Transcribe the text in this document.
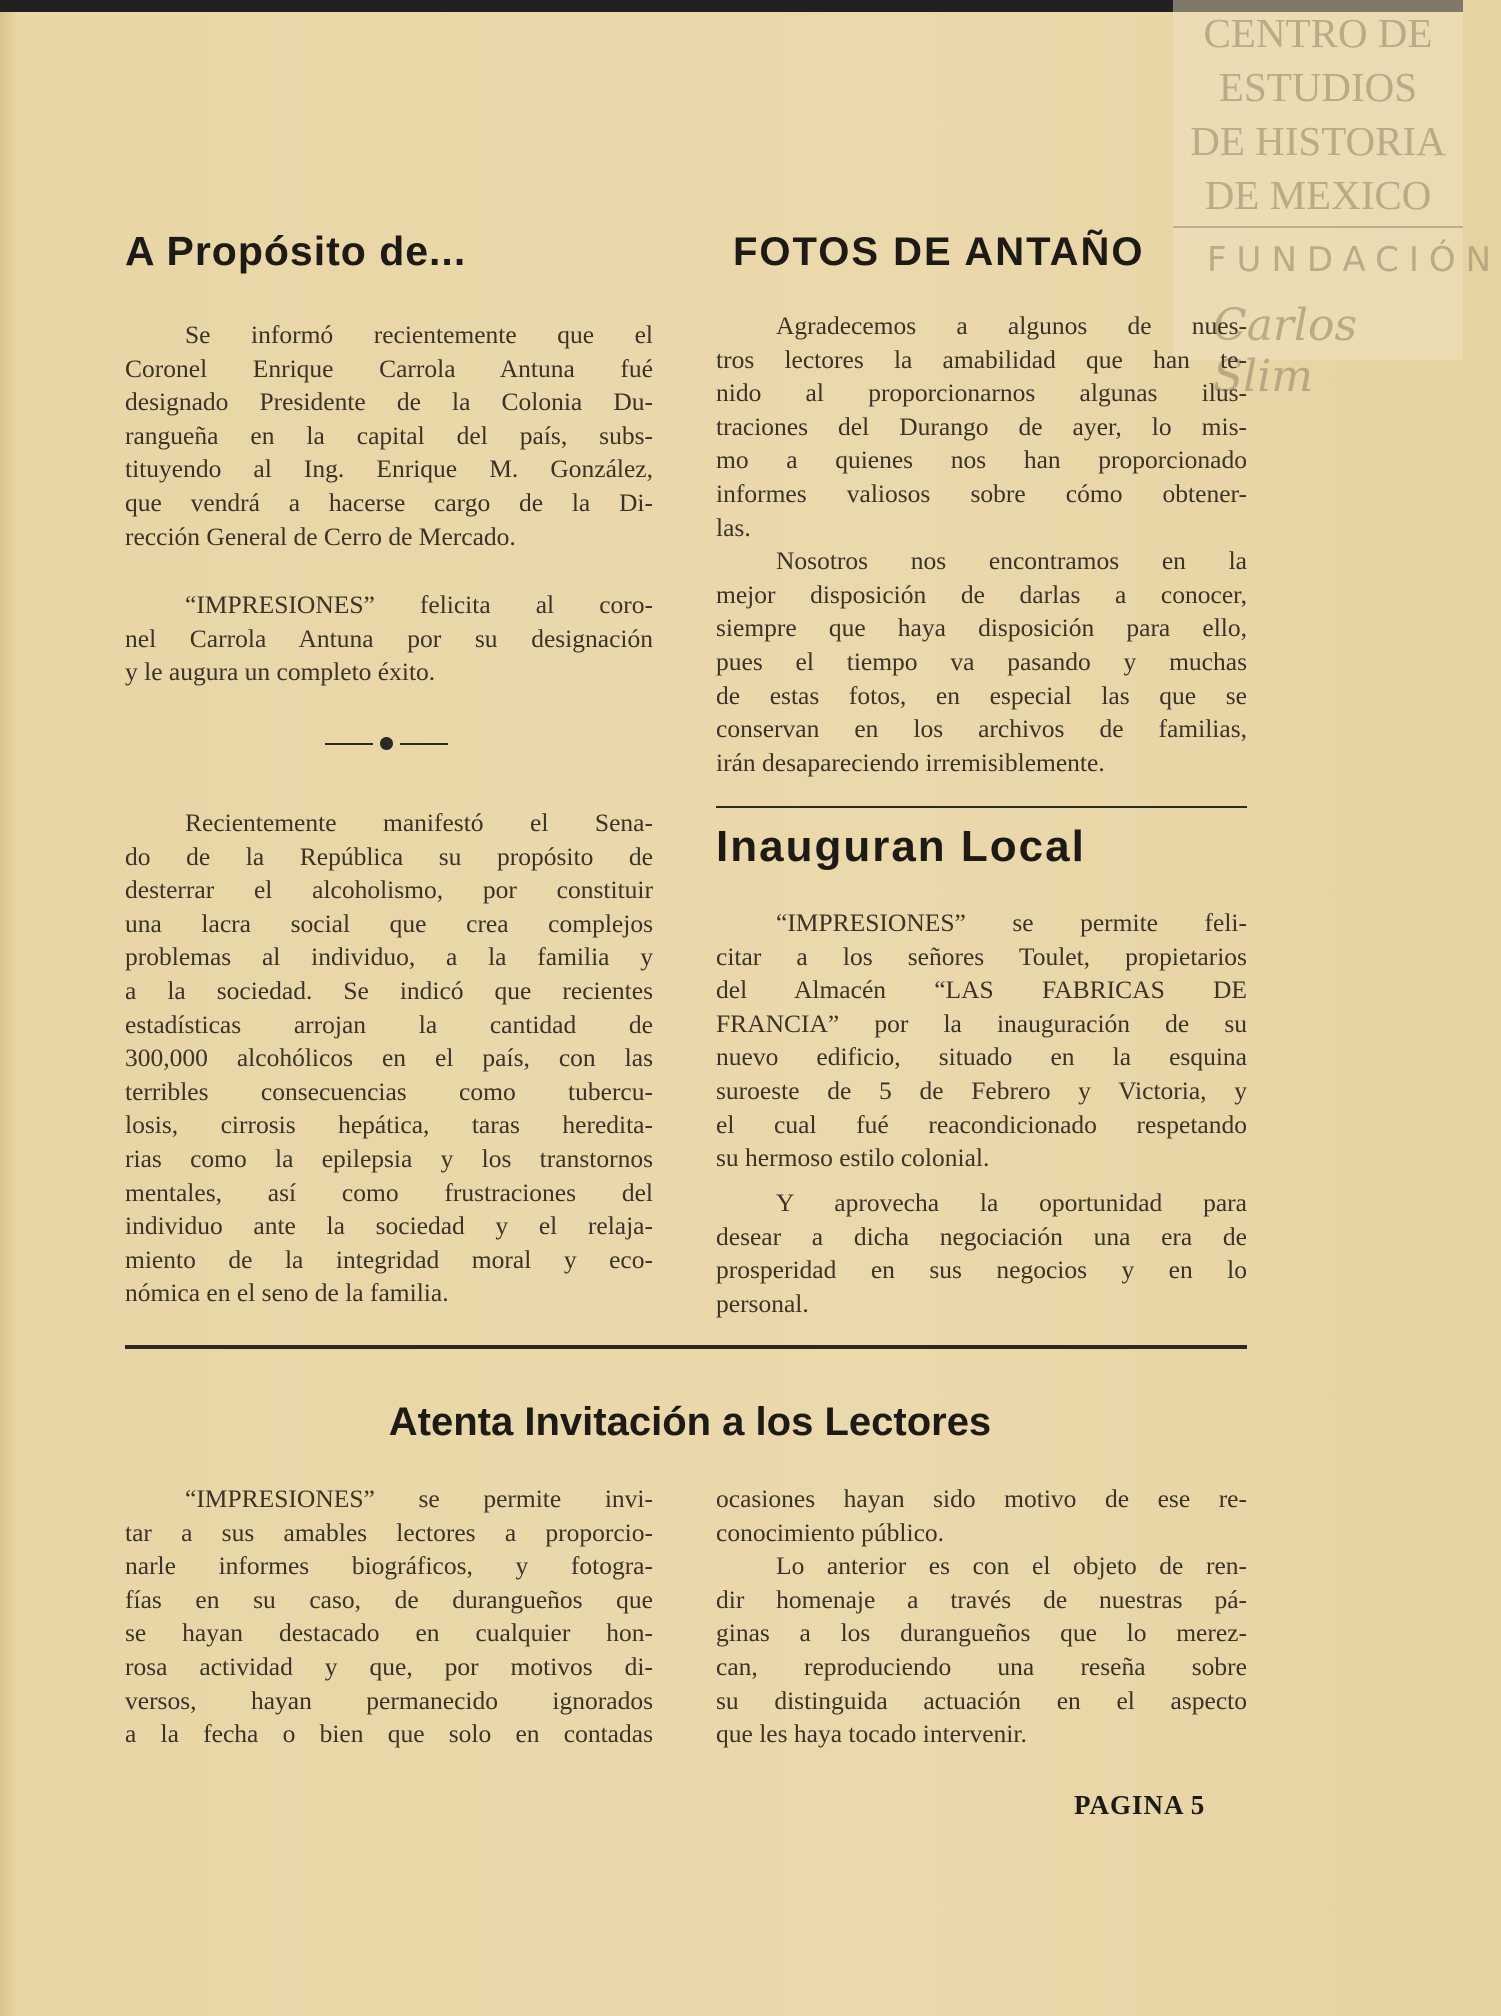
CENTRO DE
ESTUDIOS
DE HISTORIA
DE MEXICO
FUNDACIÓN
Carlos Slim
A Propósito de...	FOTOS DE ANTAÑO
Se informó recientemente que el
Coronel Enrique Carrola Antuna fué
designado Presidente de la Colonia Du-
rangueña en la capital del país, subs-
tituyendo al Ing. Enrique M. González,
que vendrá a hacerse cargo de la Di-
rección General de Cerro de Mercado.
“IMPRESIONES” felicita al coro-
nel Carrola Antuna por su designación
y le augura un completo éxito.
Recientemente manifestó el Sena-
do de la República su propósito de
desterrar el alcoholismo, por constituir
una lacra social que crea complejos
problemas al individuo, a la familia y
a la sociedad. Se indicó que recientes
estadísticas arrojan la cantidad de
300,000 alcohólicos en el país, con las
terribles consecuencias como tubercu-
losis, cirrosis hepática, taras heredita-
rias como la epilepsia y los transtornos
mentales, así como frustraciones del
individuo ante la sociedad y el relaja-
miento de la integridad moral y eco-
nómica en el seno de la familia.
Agradecemos a algunos de nues-
tros lectores la amabilidad que han te-
nido al proporcionarnos algunas ilus-
traciones del Durango de ayer, lo mis-
mo a quienes nos han proporcionado
informes valiosos sobre cómo obtener-
las.
Nosotros nos encontramos en la
mejor disposición de darlas a conocer,
siempre que haya disposición para ello,
pues el tiempo va pasando y muchas
de estas fotos, en especial las que se
conservan en los archivos de familias,
irán desapareciendo irremisiblemente.
Inauguran Local
“IMPRESIONES” se permite feli-
citar a los señores Toulet, propietarios
del Almacén “LAS FABRICAS DE
FRANCIA” por la inauguración de su
nuevo edificio, situado en la esquina
suroeste de 5 de Febrero y Victoria, y
el cual fué reacondicionado respetando
su hermoso estilo colonial.
Y aprovecha la oportunidad para
desear a dicha negociación una era de
prosperidad en sus negocios y en lo
personal.
Atenta Invitación a los Lectores
“IMPRESIONES” se permite invi-
tar a sus amables lectores a proporcio-
narle informes biográficos, y fotogra-
fías en su caso, de durangueños que
se hayan destacado en cualquier hon-
rosa actividad y que, por motivos di-
versos, hayan permanecido ignorados
a la fecha o bien que solo en contadas
ocasiones hayan sido motivo de ese re-
conocimiento público.
Lo anterior es con el objeto de ren-
dir homenaje a través de nuestras pá-
ginas a los durangueños que lo merez-
can, reproduciendo una reseña sobre
su distinguida actuación en el aspecto
que les haya tocado intervenir.
PAGINA 5
